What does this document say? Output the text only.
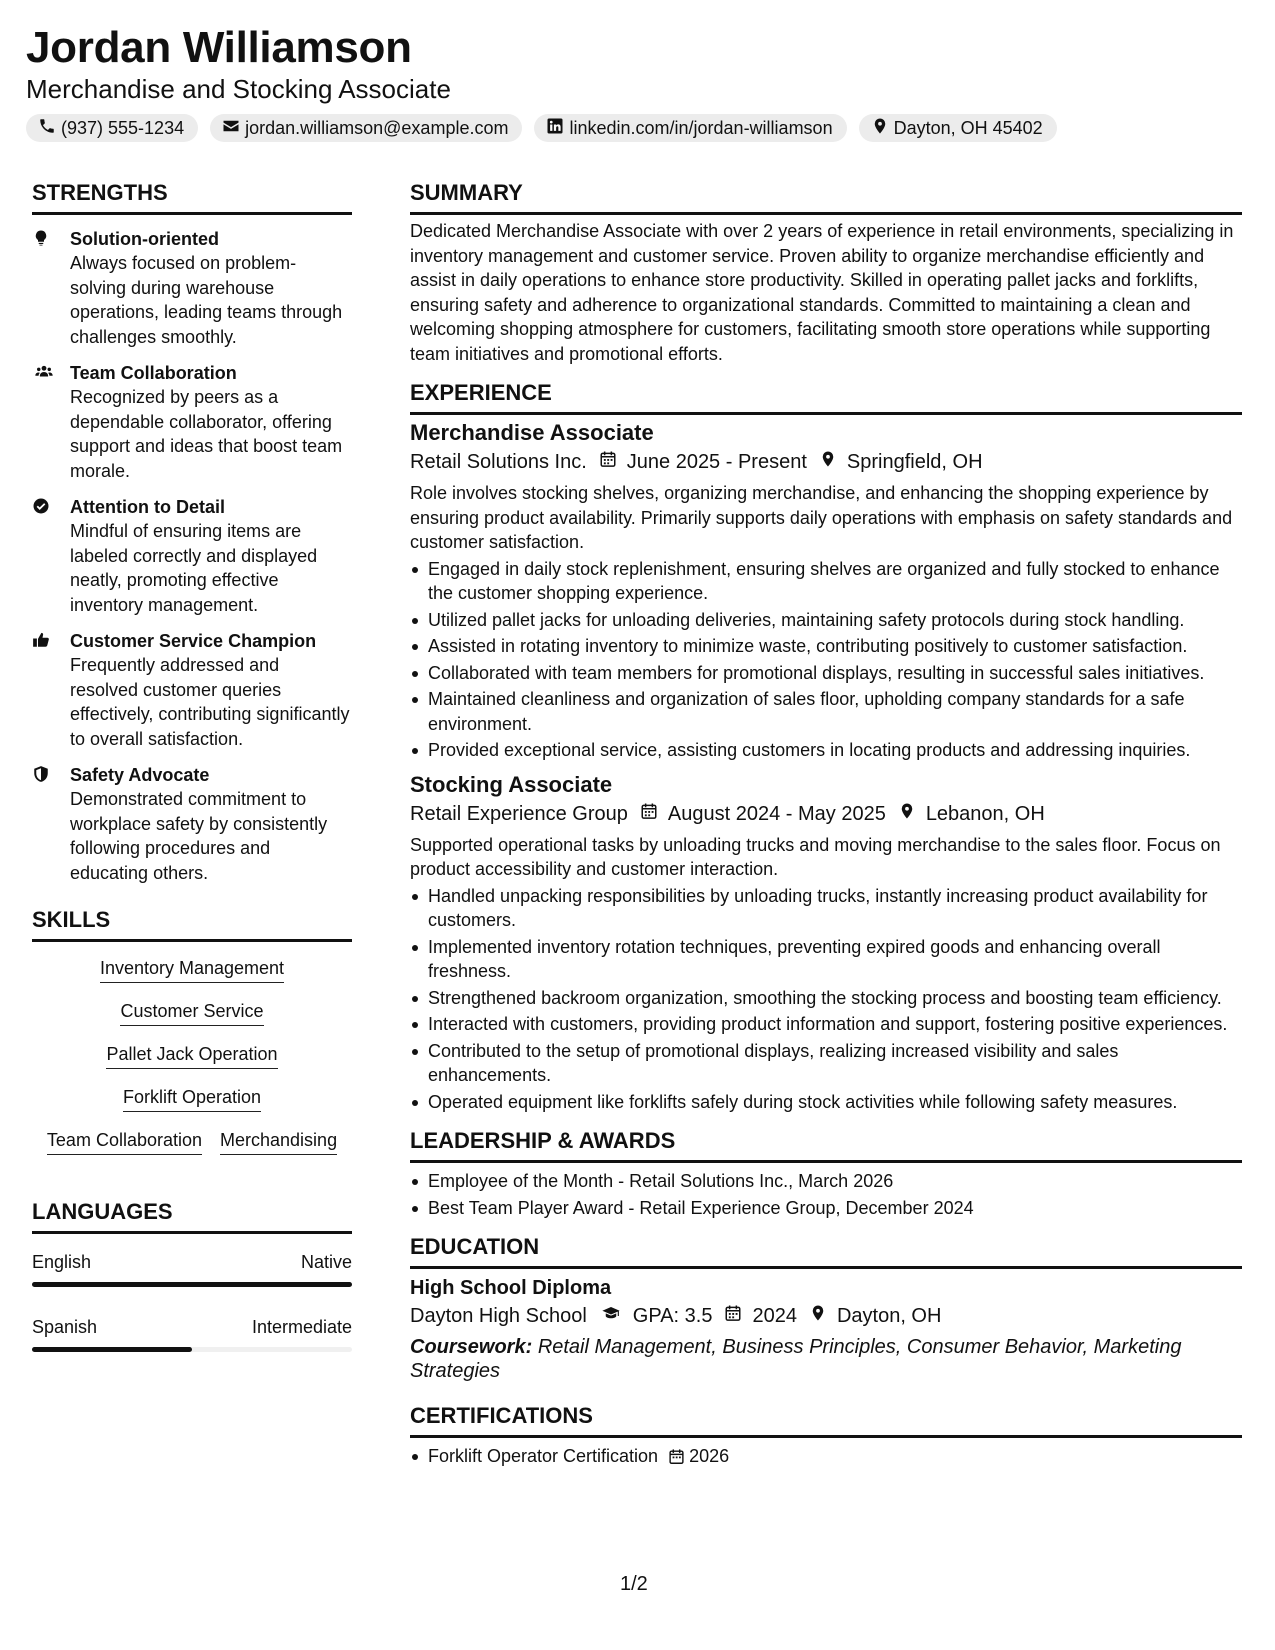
Jordan Williamson
Merchandise and Stocking Associate
(937) 555-1234	jordan.williamson@example.com	linkedin.com/in/jordan-williamson	Dayton, OH 45402
STRENGTHS
Solution-oriented
Always focused on problem-solving during warehouse operations, leading teams through challenges smoothly.
Team Collaboration
Recognized by peers as a dependable collaborator, offering support and ideas that boost team morale.
Attention to Detail
Mindful of ensuring items are labeled correctly and displayed neatly, promoting effective inventory management.
Customer Service Champion
Frequently addressed and resolved customer queries effectively, contributing significantly to overall satisfaction.
Safety Advocate
Demonstrated commitment to workplace safety by consistently following procedures and educating others.
SKILLS
Inventory Management
Customer Service
Pallet Jack Operation
Forklift Operation
Team Collaboration Merchandising
LANGUAGES
English	Native
Spanish	Intermediate
SUMMARY

Dedicated Merchandise Associate with over 2 years of experience in retail environments, specializing in inventory management and customer service. Proven ability to organize merchandise efficiently and assist in daily operations to enhance store productivity. Skilled in operating pallet jacks and forklifts, ensuring safety and adherence to organizational standards. Committed to maintaining a clean and welcoming shopping atmosphere for customers, facilitating smooth store operations while supporting team initiatives and promotional efforts.

EXPERIENCE
Merchandise Associate
Retail Solutions Inc. June 2025 - Present Springfield, OH

Role involves stocking shelves, organizing merchandise, and enhancing the shopping experience by ensuring product availability. Primarily supports daily operations with emphasis on safety standards and customer satisfaction.

Engaged in daily stock replenishment, ensuring shelves are organized and fully stocked to enhance the customer shopping experience.
Utilized pallet jacks for unloading deliveries, maintaining safety protocols during stock handling.
Assisted in rotating inventory to minimize waste, contributing positively to customer satisfaction.
Collaborated with team members for promotional displays, resulting in successful sales initiatives.
Maintained cleanliness and organization of sales floor, upholding company standards for a safe environment.
Provided exceptional service, assisting customers in locating products and addressing inquiries.
Stocking Associate
Retail Experience Group August 2024 - May 2025 Lebanon, OH

Supported operational tasks by unloading trucks and moving merchandise to the sales floor. Focus on product accessibility and customer interaction.

Handled unpacking responsibilities by unloading trucks, instantly increasing product availability for customers.
Implemented inventory rotation techniques, preventing expired goods and enhancing overall freshness.
Strengthened backroom organization, smoothing the stocking process and boosting team efficiency.
Interacted with customers, providing product information and support, fostering positive experiences.
Contributed to the setup of promotional displays, realizing increased visibility and sales enhancements.
Operated equipment like forklifts safely during stock activities while following safety measures.
LEADERSHIP & AWARDS
Employee of the Month - Retail Solutions Inc., March 2026
Best Team Player Award - Retail Experience Group, December 2024
EDUCATION
High School Diploma
Dayton High School GPA: 3.5 2024 Dayton, OH

Coursework: Retail Management, Business Principles, Consumer Behavior, Marketing Strategies

CERTIFICATIONS
Forklift Operator Certification 2026
1/2
